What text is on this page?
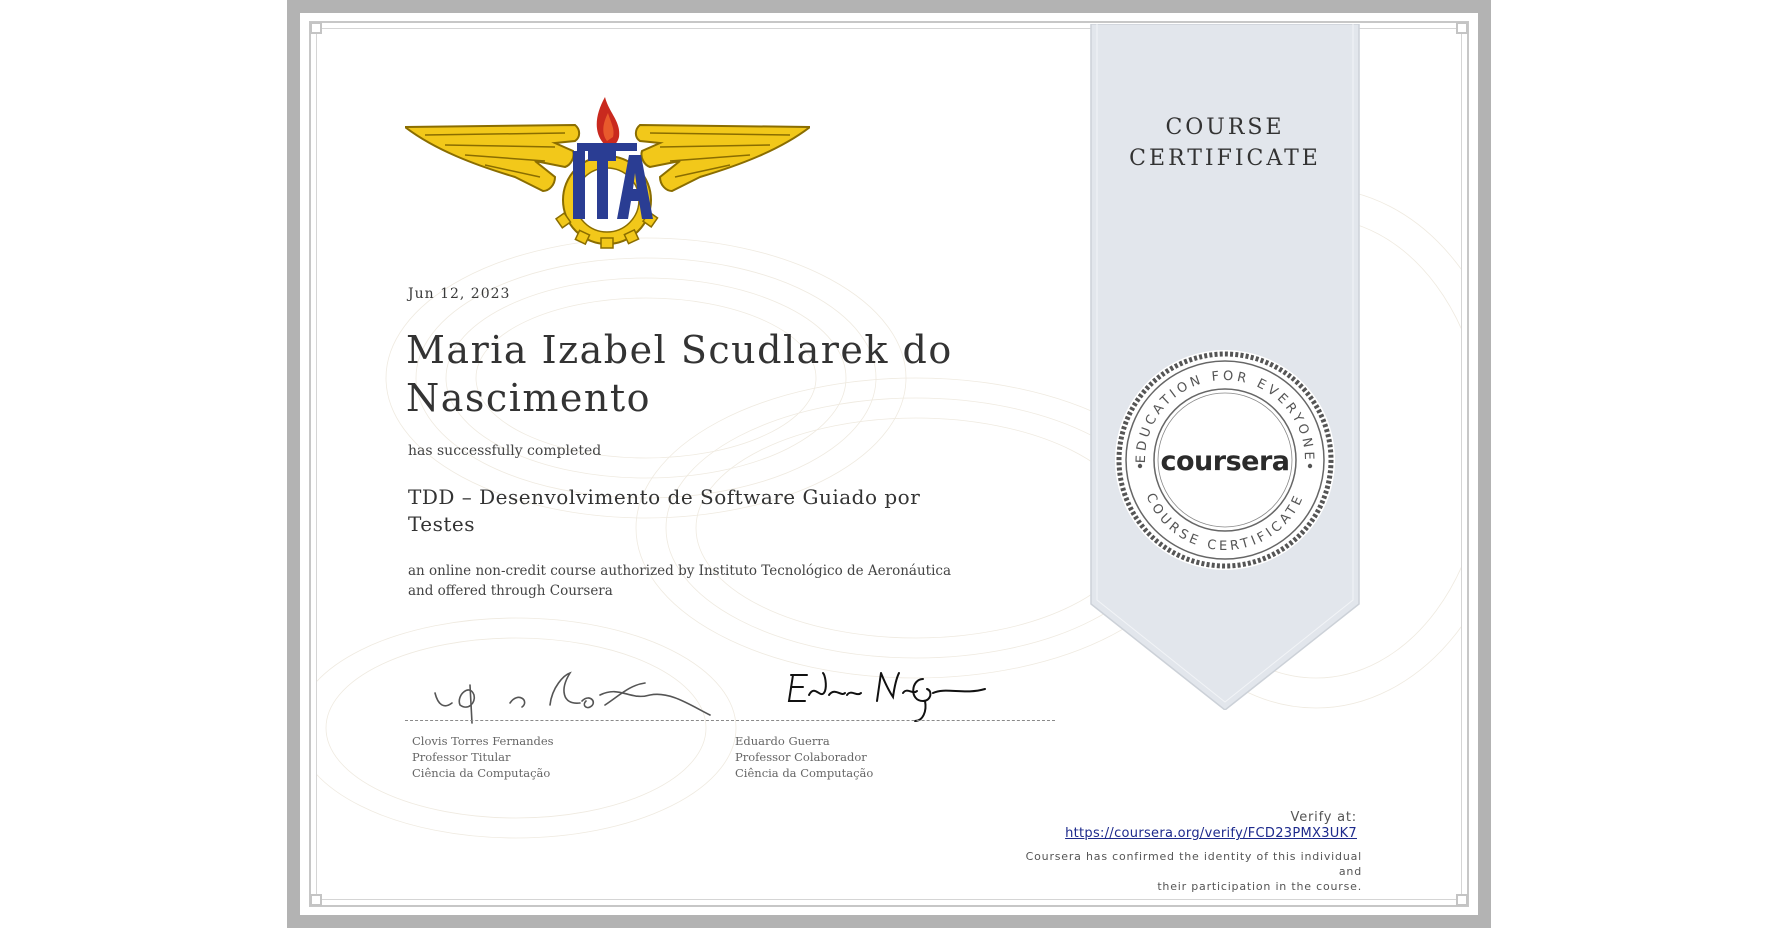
Jun 12, 2023
Maria Izabel Scudlarek do Nascimento
has successfully completed
TDD – Desenvolvimento de Software Guiado por Testes
an online non-credit course authorized by Instituto Tecnológico de Aeronáutica and offered through Coursera
Clovis Torres Fernandes
Professor Titular
Ciência da Computação
Eduardo Guerra
Professor Colaborador
Ciência da Computação
COURSE
CERTIFICATE
EDUCATION FOR EVERYONE
COURSE CERTIFICATE
coursera
Verify at:
https://coursera.org/verify/FCD23PMX3UK7
Coursera has confirmed the identity of this individual and
their participation in the course.
